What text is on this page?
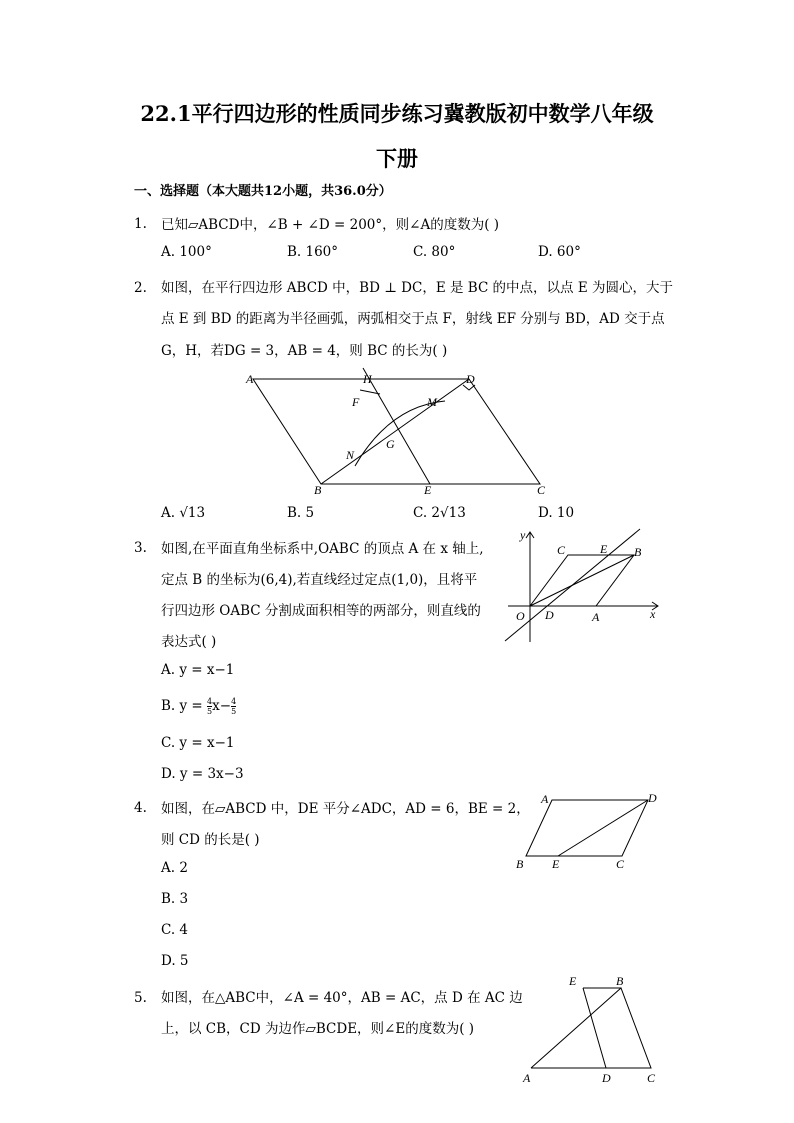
22.1平行四边形的性质同步练习冀教版初中数学八年级
下册
一、选择题（本大题共12小题，共36.0分）
1. 已知▱ABCD中，∠B + ∠D = 200°，则∠A的度数为( )
A. 100°	B. 160°	C. 80°	D. 60°
2. 如图，在平行四边形 ABCD 中，BD ⊥ DC，E 是 BC 的中点，以点 E 为圆心，大于
点 E 到 BD 的距离为半径画弧，两弧相交于点 F，射线 EF 分别与 BD，AD 交于点
G，H，若DG = 3，AB = 4，则 BC 的长为( )
A	H	D
F	M
G
N
B	E	C
A. √13	B. 5	C. 2√13	D. 10
3. 如图,在平面直角坐标系中,OABC 的顶点 A 在 x 轴上,
定点 B 的坐标为(6,4),若直线经过定点(1,0)，且将平
行四边形 OABC 分割成面积相等的两部分，则直线的
表达式( )
y
C	E B
O D	A	x
A. y = x−1
B. $y = \frac{4}{5} x- \frac{4}{5}$
C. y = x−1
D. y = 3x−3
4. 如图，在▱ABCD 中，DE 平分∠ADC，AD = 6，BE = 2，
则 CD 的长是( )
A	D
B E	C
A. 2
B. 3
C. 4
D. 5
5. 如图，在△ABC中，∠A = 40°，AB = AC，点 D 在 AC 边
上，以 CB，CD 为边作▱BCDE，则∠E的度数为( )
E	B
A	D	C
